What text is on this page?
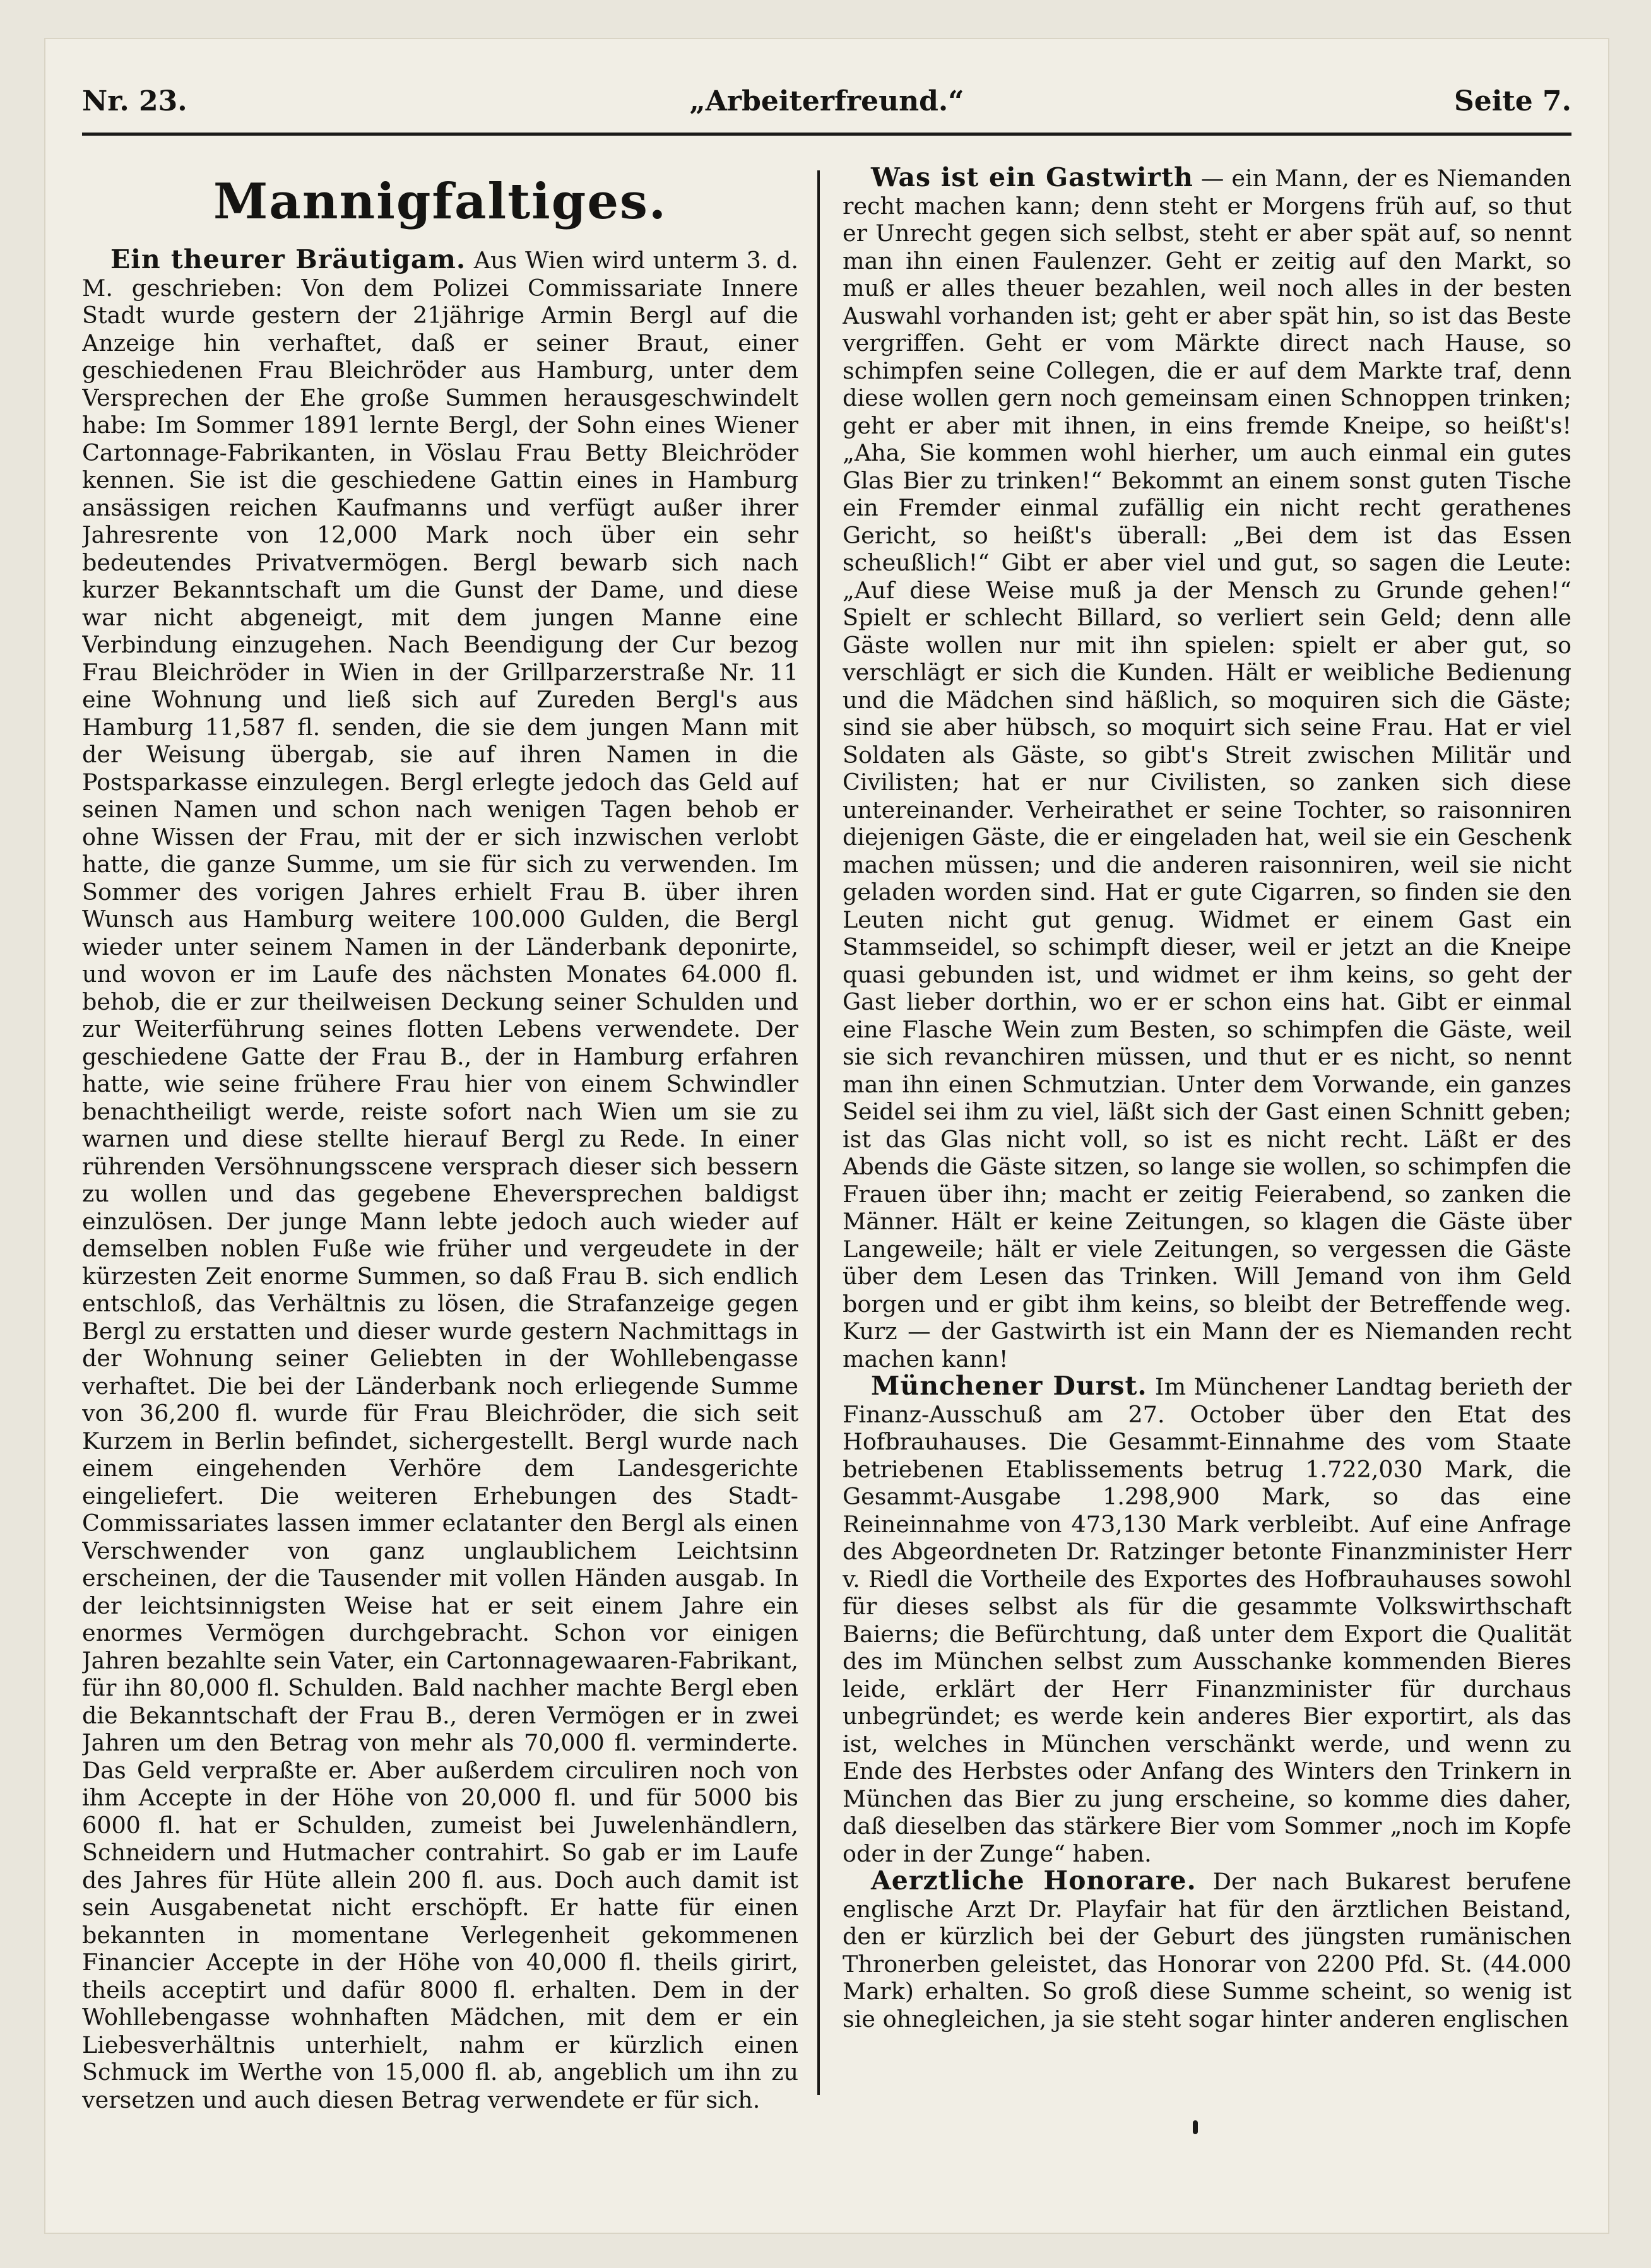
Nr. 23.	„Arbeiterfreund.“	Seite 7.
Mannigfaltiges.

Ein theurer Bräutigam. Aus Wien wird unterm 3. d. M. geschrieben: Von dem Polizei Commissariate Innere Stadt wurde gestern der 21jährige Armin Bergl auf die Anzeige hin verhaftet, daß er seiner Braut, einer geschiedenen Frau Bleichröder aus Hamburg, unter dem Versprechen der Ehe große Summen herausgeschwindelt habe: Im Sommer 1891 lernte Bergl, der Sohn eines Wiener Cartonnage-Fabrikanten, in Vöslau Frau Betty Bleichröder kennen. Sie ist die geschiedene Gattin eines in Hamburg ansässigen reichen Kaufmanns und verfügt außer ihrer Jahresrente von 12,000 Mark noch über ein sehr bedeutendes Privatvermögen. Bergl bewarb sich nach kurzer Bekanntschaft um die Gunst der Dame, und diese war nicht abgeneigt, mit dem jungen Manne eine Verbindung einzugehen. Nach Beendigung der Cur bezog Frau Bleichröder in Wien in der Grillparzerstraße Nr. 11 eine Wohnung und ließ sich auf Zureden Bergl's aus Hamburg 11,587 fl. senden, die sie dem jungen Mann mit der Weisung übergab, sie auf ihren Namen in die Postsparkasse einzulegen. Bergl erlegte jedoch das Geld auf seinen Namen und schon nach wenigen Tagen behob er ohne Wissen der Frau, mit der er sich inzwischen verlobt hatte, die ganze Summe, um sie für sich zu verwenden. Im Sommer des vorigen Jahres erhielt Frau B. über ihren Wunsch aus Hamburg weitere 100.000 Gulden, die Bergl wieder unter seinem Namen in der Länderbank deponirte, und wovon er im Laufe des nächsten Monates 64.000 fl. behob, die er zur theilweisen Deckung seiner Schulden und zur Weiterführung seines flotten Lebens verwendete. Der geschiedene Gatte der Frau B., der in Hamburg erfahren hatte, wie seine frühere Frau hier von einem Schwindler benachtheiligt werde, reiste sofort nach Wien um sie zu warnen und diese stellte hierauf Bergl zu Rede. In einer rührenden Versöhnungsscene versprach dieser sich bessern zu wollen und das gegebene Eheversprechen baldigst einzulösen. Der junge Mann lebte jedoch auch wieder auf demselben noblen Fuße wie früher und vergeudete in der kürzesten Zeit enorme Summen, so daß Frau B. sich endlich entschloß, das Verhältnis zu lösen, die Strafanzeige gegen Bergl zu erstatten und dieser wurde gestern Nachmittags in der Wohnung seiner Geliebten in der Wohllebengasse verhaftet. Die bei der Länderbank noch erliegende Summe von 36,200 fl. wurde für Frau Bleichröder, die sich seit Kurzem in Berlin befindet, sichergestellt. Bergl wurde nach einem eingehenden Verhöre dem Landesgerichte eingeliefert. Die weiteren Erhebungen des Stadt-Commissariates lassen immer eclatanter den Bergl als einen Verschwender von ganz unglaublichem Leichtsinn erscheinen, der die Tausender mit vollen Händen ausgab. In der leichtsinnigsten Weise hat er seit einem Jahre ein enormes Vermögen durchgebracht. Schon vor einigen Jahren bezahlte sein Vater, ein Cartonnagewaaren-Fabrikant, für ihn 80,000 fl. Schulden. Bald nachher machte Bergl eben die Bekanntschaft der Frau B., deren Vermögen er in zwei Jahren um den Betrag von mehr als 70,000 fl. verminderte. Das Geld verpraßte er. Aber außerdem circuliren noch von ihm Accepte in der Höhe von 20,000 fl. und für 5000 bis 6000 fl. hat er Schulden, zumeist bei Juwelenhändlern, Schneidern und Hutmacher contrahirt. So gab er im Laufe des Jahres für Hüte allein 200 fl. aus. Doch auch damit ist sein Ausgabenetat nicht erschöpft. Er hatte für einen bekannten in momentane Verlegenheit gekommenen Financier Accepte in der Höhe von 40,000 fl. theils girirt, theils acceptirt und dafür 8000 fl. erhalten. Dem in der Wohllebengasse wohnhaften Mädchen, mit dem er ein Liebesverhältnis unterhielt, nahm er kürzlich einen Schmuck im Werthe von 15,000 fl. ab, angeblich um ihn zu versetzen und auch diesen Betrag verwendete er für sich.

Was ist ein Gastwirth — ein Mann, der es Niemanden recht machen kann; denn steht er Morgens früh auf, so thut er Unrecht gegen sich selbst, steht er aber spät auf, so nennt man ihn einen Faulenzer. Geht er zeitig auf den Markt, so muß er alles theuer bezahlen, weil noch alles in der besten Auswahl vorhanden ist; geht er aber spät hin, so ist das Beste vergriffen. Geht er vom Märkte direct nach Hause, so schimpfen seine Collegen, die er auf dem Markte traf, denn diese wollen gern noch gemeinsam einen Schnoppen trinken; geht er aber mit ihnen, in eins fremde Kneipe, so heißt's! „Aha, Sie kommen wohl hierher, um auch einmal ein gutes Glas Bier zu trinken!“ Bekommt an einem sonst guten Tische ein Fremder einmal zufällig ein nicht recht gerathenes Gericht, so heißt's überall: „Bei dem ist das Essen scheußlich!“ Gibt er aber viel und gut, so sagen die Leute: „Auf diese Weise muß ja der Mensch zu Grunde gehen!“ Spielt er schlecht Billard, so verliert sein Geld; denn alle Gäste wollen nur mit ihn spielen: spielt er aber gut, so verschlägt er sich die Kunden. Hält er weibliche Bedienung und die Mädchen sind häßlich, so moquiren sich die Gäste; sind sie aber hübsch, so moquirt sich seine Frau. Hat er viel Soldaten als Gäste, so gibt's Streit zwischen Militär und Civilisten; hat er nur Civilisten, so zanken sich diese untereinander. Verheirathet er seine Tochter, so raisonniren diejenigen Gäste, die er eingeladen hat, weil sie ein Geschenk machen müssen; und die anderen raisonniren, weil sie nicht geladen worden sind. Hat er gute Cigarren, so finden sie den Leuten nicht gut genug. Widmet er einem Gast ein Stammseidel, so schimpft dieser, weil er jetzt an die Kneipe quasi gebunden ist, und widmet er ihm keins, so geht der Gast lieber dorthin, wo er er schon eins hat. Gibt er einmal eine Flasche Wein zum Besten, so schimpfen die Gäste, weil sie sich revanchiren müssen, und thut er es nicht, so nennt man ihn einen Schmutzian. Unter dem Vorwande, ein ganzes Seidel sei ihm zu viel, läßt sich der Gast einen Schnitt geben; ist das Glas nicht voll, so ist es nicht recht. Läßt er des Abends die Gäste sitzen, so lange sie wollen, so schimpfen die Frauen über ihn; macht er zeitig Feierabend, so zanken die Männer. Hält er keine Zeitungen, so klagen die Gäste über Langeweile; hält er viele Zeitungen, so vergessen die Gäste über dem Lesen das Trinken. Will Jemand von ihm Geld borgen und er gibt ihm keins, so bleibt der Betreffende weg. Kurz — der Gastwirth ist ein Mann der es Niemanden recht machen kann!

Münchener Durst. Im Münchener Landtag berieth der Finanz-Ausschuß am 27. October über den Etat des Hofbrauhauses. Die Gesammt-Einnahme des vom Staate betriebenen Etablissements betrug 1.722,030 Mark, die Gesammt-Ausgabe 1.298,900 Mark, so das eine Reineinnahme von 473,130 Mark verbleibt. Auf eine Anfrage des Abgeordneten Dr. Ratzinger betonte Finanzminister Herr v. Riedl die Vortheile des Exportes des Hofbrauhauses sowohl für dieses selbst als für die gesammte Volkswirthschaft Baierns; die Befürchtung, daß unter dem Export die Qualität des im München selbst zum Ausschanke kommenden Bieres leide, erklärt der Herr Finanzminister für durchaus unbegründet; es werde kein anderes Bier exportirt, als das ist, welches in München verschänkt werde, und wenn zu Ende des Herbstes oder Anfang des Winters den Trinkern in München das Bier zu jung erscheine, so komme dies daher, daß dieselben das stärkere Bier vom Sommer „noch im Kopfe oder in der Zunge“ haben.

Aerztliche Honorare. Der nach Bukarest berufene englische Arzt Dr. Playfair hat für den ärztlichen Beistand, den er kürzlich bei der Geburt des jüngsten rumänischen Thronerben geleistet, das Honorar von 2200 Pfd. St. (44.000 Mark) erhalten. So groß diese Summe scheint, so wenig ist sie ohnegleichen, ja sie steht sogar hinter anderen englischen
